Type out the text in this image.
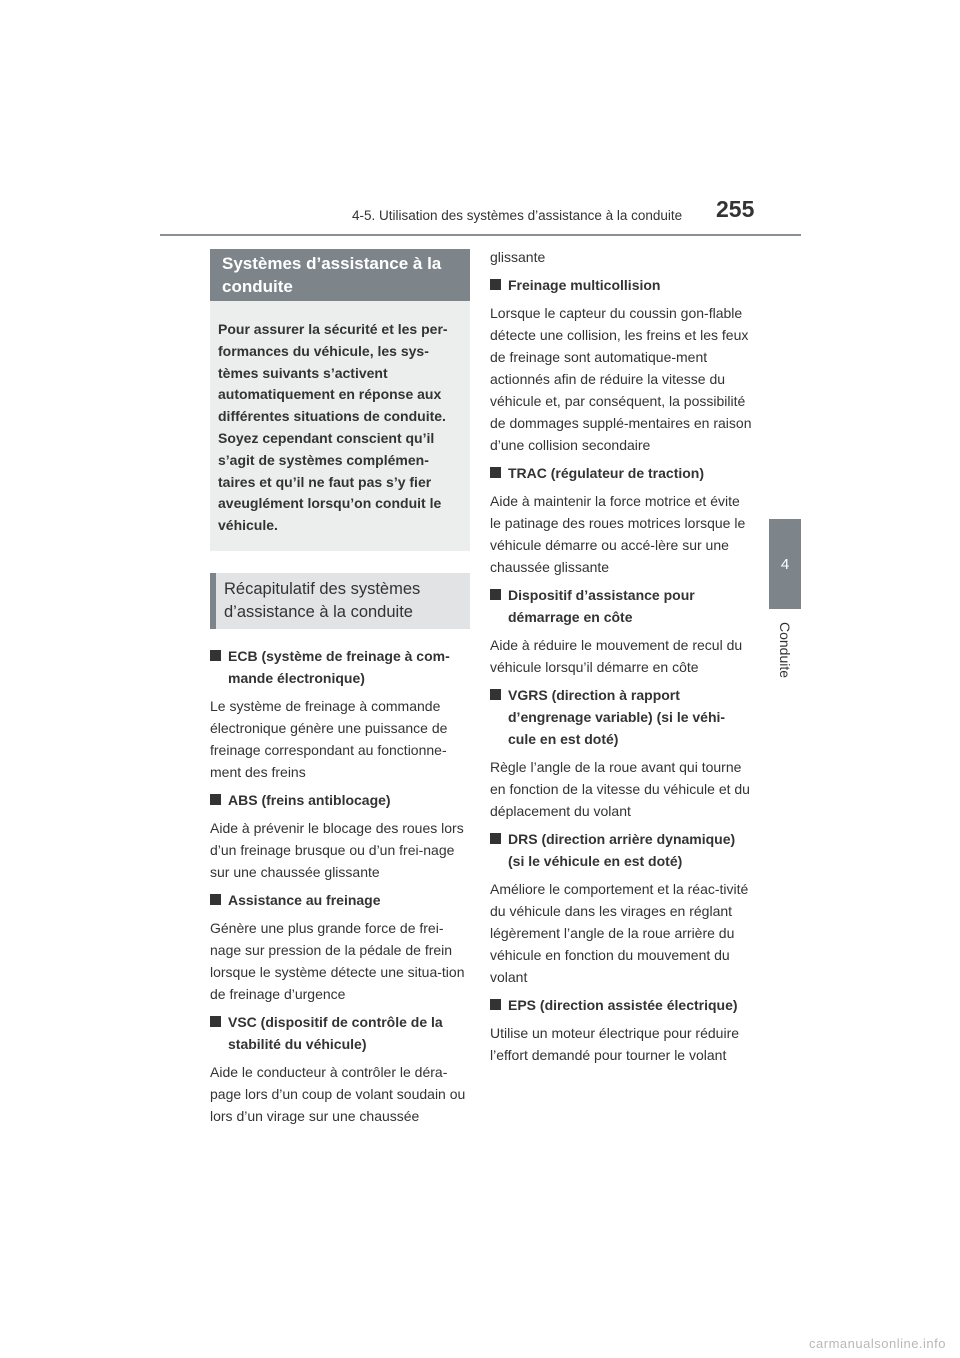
4-5. Utilisation des systèmes d’assistance à la conduite	255
4
Conduite
Systèmes d’assistance à la
conduite
Pour assurer la sécurité et les per-formances du véhicule, les sys-tèmes suivants s’activent automatiquement en réponse aux différentes situations de conduite. Soyez cependant conscient qu’il s’agit de systèmes complémen-taires et qu’il ne faut pas s’y fier aveuglément lorsqu’on conduit le véhicule.
Récapitulatif des systèmes
d’assistance à la conduite
ECB (système de freinage à com-mande électronique)
Le système de freinage à commande électronique génère une puissance de freinage correspondant au fonctionne-ment des freins
ABS (freins antiblocage)
Aide à prévenir le blocage des roues lors d’un freinage brusque ou d’un frei-nage sur une chaussée glissante
Assistance au freinage
Génère une plus grande force de frei-nage sur pression de la pédale de frein lorsque le système détecte une situa-tion de freinage d’urgence
VSC (dispositif de contrôle de la stabilité du véhicule)
Aide le conducteur à contrôler le déra-page lors d’un coup de volant soudain ou lors d’un virage sur une chaussée
glissante
Freinage multicollision
Lorsque le capteur du coussin gon-flable détecte une collision, les freins et les feux de freinage sont automatique-ment actionnés afin de réduire la vitesse du véhicule et, par conséquent, la possibilité de dommages supplé-mentaires en raison d’une collision secondaire
TRAC (régulateur de traction)
Aide à maintenir la force motrice et évite le patinage des roues motrices lorsque le véhicule démarre ou accé-lère sur une chaussée glissante
Dispositif d’assistance pour démarrage en côte
Aide à réduire le mouvement de recul du véhicule lorsqu’il démarre en côte
VGRS (direction à rapport d’engrenage variable) (si le véhi-cule en est doté)
Règle l’angle de la roue avant qui tourne en fonction de la vitesse du véhicule et du déplacement du volant
DRS (direction arrière dynamique) (si le véhicule en est doté)
Améliore le comportement et la réac-tivité du véhicule dans les virages en réglant légèrement l’angle de la roue arrière du véhicule en fonction du mouvement du volant
EPS (direction assistée électrique)
Utilise un moteur électrique pour réduire l’effort demandé pour tourner le volant
carmanualsonline.info
